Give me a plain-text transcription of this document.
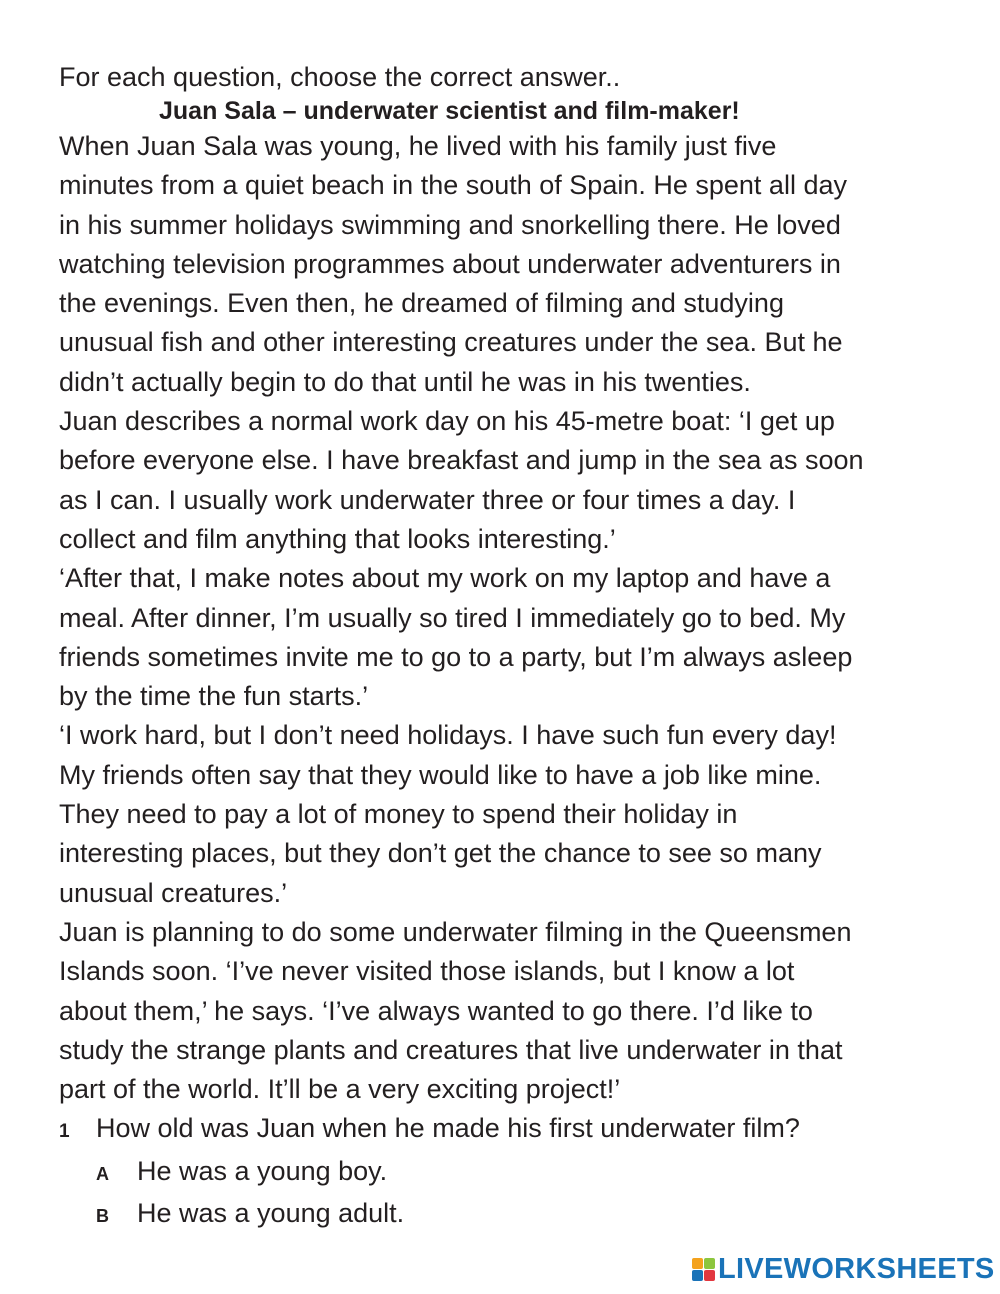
For each question, choose the correct answer..

Juan Sala – underwater scientist and film-maker!

When Juan Sala was young, he lived with his family just five

minutes from a quiet beach in the south of Spain. He spent all day

in his summer holidays swimming and snorkelling there. He loved

watching television programmes about underwater adventurers in

the evenings. Even then, he dreamed of filming and studying

unusual fish and other interesting creatures under the sea. But he

didn’t actually begin to do that until he was in his twenties.

Juan describes a normal work day on his 45-metre boat: ‘I get up

before everyone else. I have breakfast and jump in the sea as soon

as I can. I usually work underwater three or four times a day. I

collect and film anything that looks interesting.’

‘After that, I make notes about my work on my laptop and have a

meal. After dinner, I’m usually so tired I immediately go to bed. My

friends sometimes invite me to go to a party, but I’m always asleep

by the time the fun starts.’

‘I work hard, but I don’t need holidays. I have such fun every day!

My friends often say that they would like to have a job like mine.

They need to pay a lot of money to spend their holiday in

interesting places, but they don’t get the chance to see so many

unusual creatures.’

Juan is planning to do some underwater filming in the Queensmen

Islands soon. ‘I’ve never visited those islands, but I know a lot

about them,’ he says. ‘I’ve always wanted to go there. I’d like to

study the strange plants and creatures that live underwater in that

part of the world. It’ll be a very exciting project!’

1 How old was Juan when he made his first underwater film?

A He was a young boy.

B He was a young adult.

LIVEWORKSHEETS
